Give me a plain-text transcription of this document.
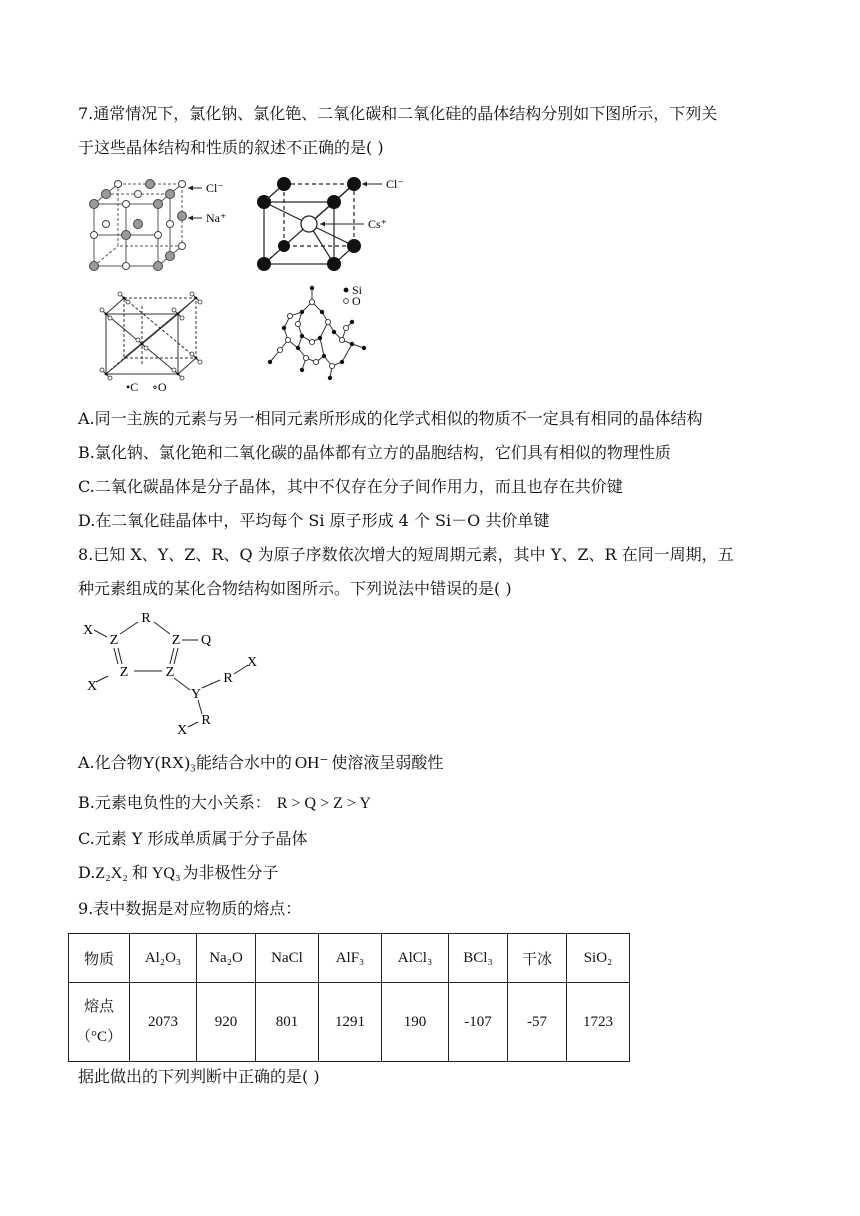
7.通常情况下，氯化钠、氯化铯、二氧化碳和二氧化硅的晶体结构分别如下图所示，下列关
于这些晶体结构和性质的叙述不正确的是( )
Cl⁻
Na⁺
Cl⁻
Cs⁺
•C ∘O
Si
O
A.同一主族的元素与另一相同元素所形成的化学式相似的物质不一定具有相同的晶体结构
B.氯化钠、氯化铯和二氧化碳的晶体都有立方的晶胞结构，它们具有相似的物理性质
C.二氧化碳晶体是分子晶体，其中不仅存在分子间作用力，而且也存在共价键
D.在二氧化硅晶体中，平均每个 Si 原子形成 4 个 Si－O 共价单键
8.已知 X、Y、Z、R、Q 为原子序数依次增大的短周期元素，其中 Y、Z、R 在同一周期，五
种元素组成的某化合物结构如图所示。下列说法中错误的是( )
X
Z
R
Z Q
Z	Z
X
Y
R
X
R
X
A.化合物Y(RX)₃能结合水中的 OH⁻ 使溶液呈弱酸性
B.元素电负性的大小关系： R > Q > Z > Y
C.元素 Y 形成单质属于分子晶体
D.Z₂X₂ 和 YQ₃ 为非极性分子
9.表中数据是对应物质的熔点：
物质	Al₂O₃	Na₂O	NaCl	AlF₃	AlCl₃	BCl₃	干冰	SiO₂

熔点
（°C）	2073	920	801	1291	190	-107	-57	1723
据此做出的下列判断中正确的是( )
